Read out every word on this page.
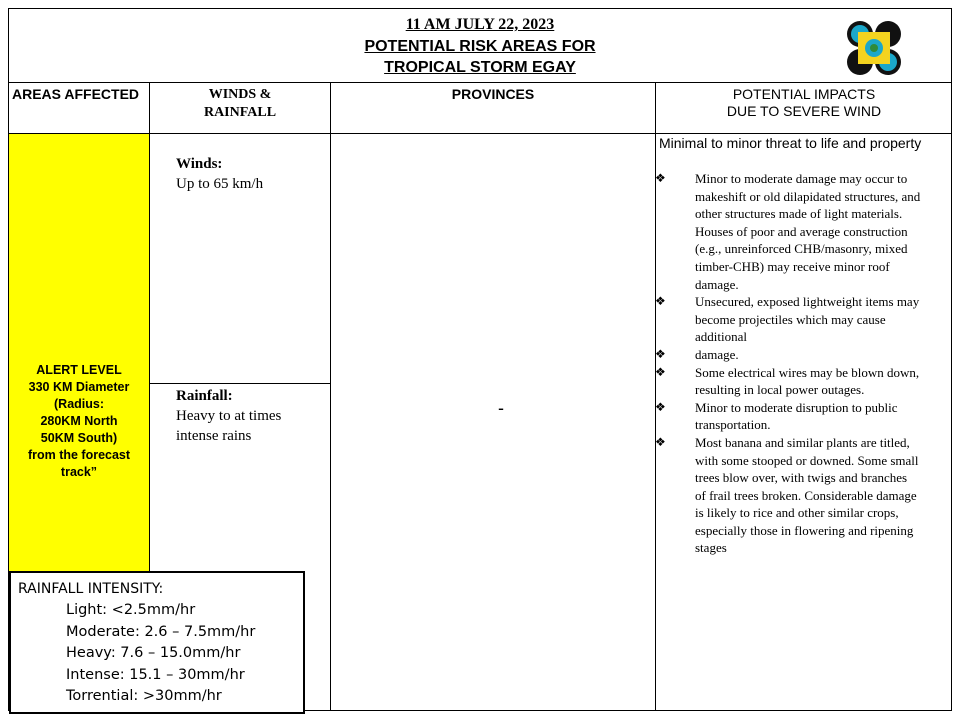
11 AM JULY 22, 2023
POTENTIAL RISK AREAS FOR
TROPICAL STORM EGAY
AREAS AFFECTED	WINDS &
RAINFALL
PROVINCES	POTENTIAL IMPACTS
DUE TO SEVERE WIND
ALERT LEVEL
330 KM Diameter
(Radius:
280KM North
50KM South)
from the forecast
track”
Winds:
Up to 65 km/h
Rainfall:
Heavy to at times
intense rains
-
Minimal to minor threat to life and property
❖ Minor to moderate damage may occur to
makeshift or old dilapidated structures, and
other structures made of light materials.
Houses of poor and average construction
(e.g., unreinforced CHB/masonry, mixed
timber-CHB) may receive minor roof
damage.
❖ Unsecured, exposed lightweight items may
become projectiles which may cause
additional
❖ damage.
❖ Some electrical wires may be blown down,
resulting in local power outages.
❖ Minor to moderate disruption to public
transportation.
❖ Most banana and similar plants are titled,
with some stooped or downed. Some small
trees blow over, with twigs and branches
of frail trees broken. Considerable damage
is likely to rice and other similar crops,
especially those in flowering and ripening
stages
RAINFALL INTENSITY:
Light: <2.5mm/hr
Moderate: 2.6 – 7.5mm/hr
Heavy: 7.6 – 15.0mm/hr
Intense: 15.1 – 30mm/hr
Torrential: >30mm/hr
